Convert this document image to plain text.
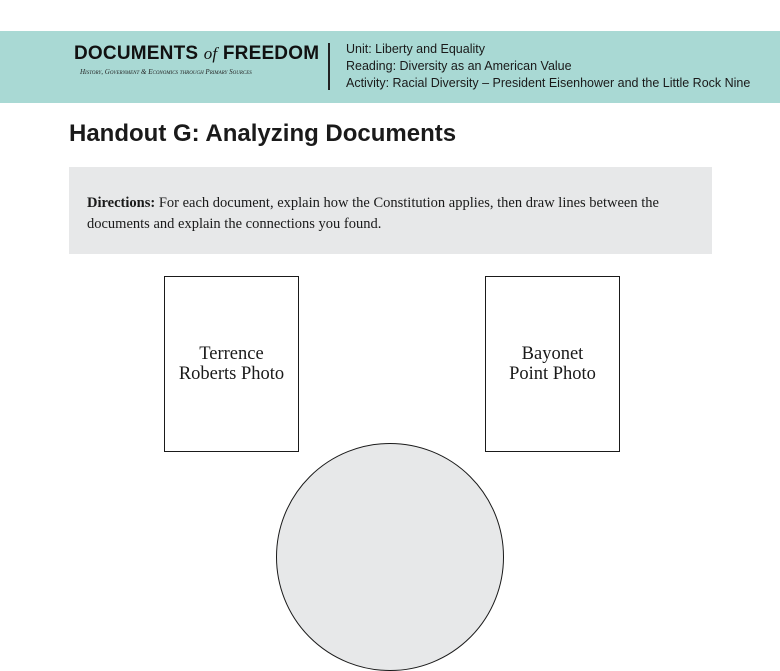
DOCUMENTS of FREEDOM
History, Government & Economics through Primary Sources
Unit: Liberty and Equality
Reading: Diversity as an American Value
Activity: Racial Diversity – President Eisenhower and the Little Rock Nine
Handout G: Analyzing Documents
Directions: For each document, explain how the Constitution applies, then draw lines between the documents and explain the connections you found.
Terrence
Roberts Photo
Bayonet
Point Photo
